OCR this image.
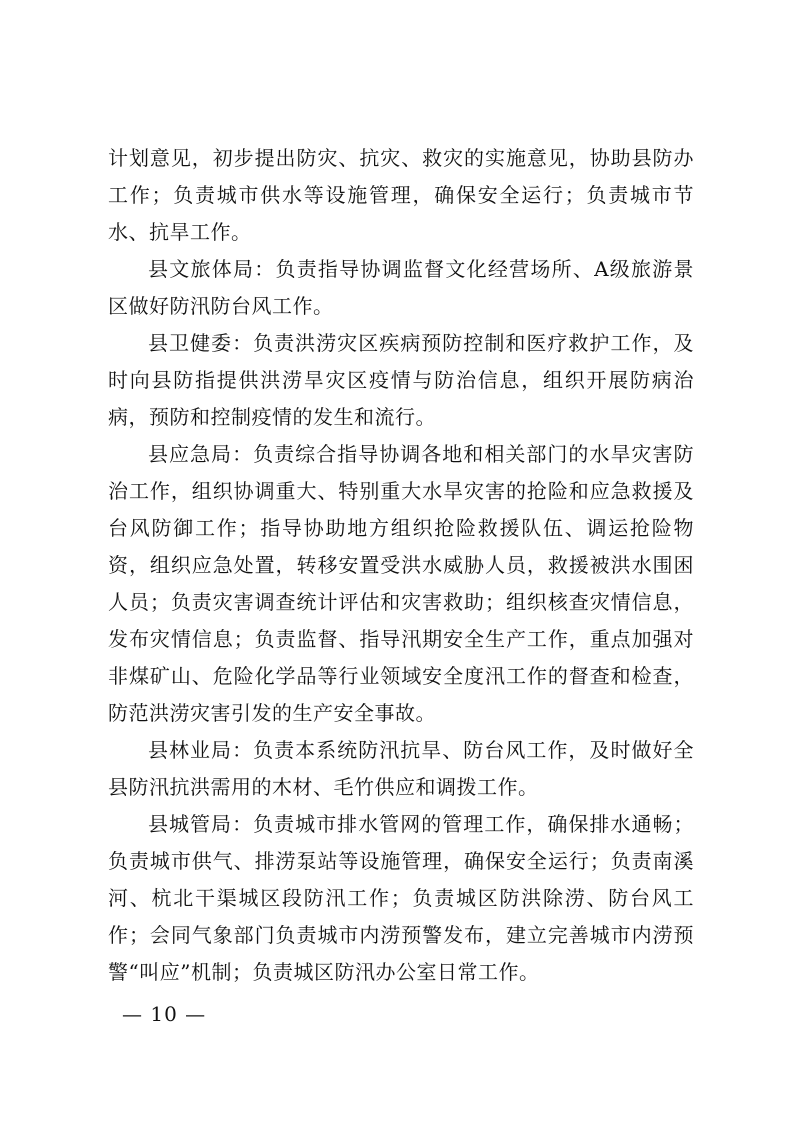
计划意见，初步提出防灾、抗灾、救灾的实施意见，协助县防办工作；负责城市供水等设施管理，确保安全运行；负责城市节水、抗旱工作。

县文旅体局：负责指导协调监督文化经营场所、A级旅游景区做好防汛防台风工作。

县卫健委：负责洪涝灾区疾病预防控制和医疗救护工作，及时向县防指提供洪涝旱灾区疫情与防治信息，组织开展防病治病，预防和控制疫情的发生和流行。

县应急局：负责综合指导协调各地和相关部门的水旱灾害防治工作，组织协调重大、特别重大水旱灾害的抢险和应急救援及台风防御工作；指导协助地方组织抢险救援队伍、调运抢险物资，组织应急处置，转移安置受洪水威胁人员，救援被洪水围困人员；负责灾害调查统计评估和灾害救助；组织核查灾情信息，发布灾情信息；负责监督、指导汛期安全生产工作，重点加强对非煤矿山、危险化学品等行业领域安全度汛工作的督查和检查，防范洪涝灾害引发的生产安全事故。

县林业局：负责本系统防汛抗旱、防台风工作，及时做好全县防汛抗洪需用的木材、毛竹供应和调拨工作。

县城管局：负责城市排水管网的管理工作，确保排水通畅；负责城市供气、排涝泵站等设施管理，确保安全运行；负责南溪河、杭北干渠城区段防汛工作；负责城区防洪除涝、防台风工作；会同气象部门负责城市内涝预警发布，建立完善城市内涝预警“叫应”机制；负责城区防汛办公室日常工作。

— 10 —
